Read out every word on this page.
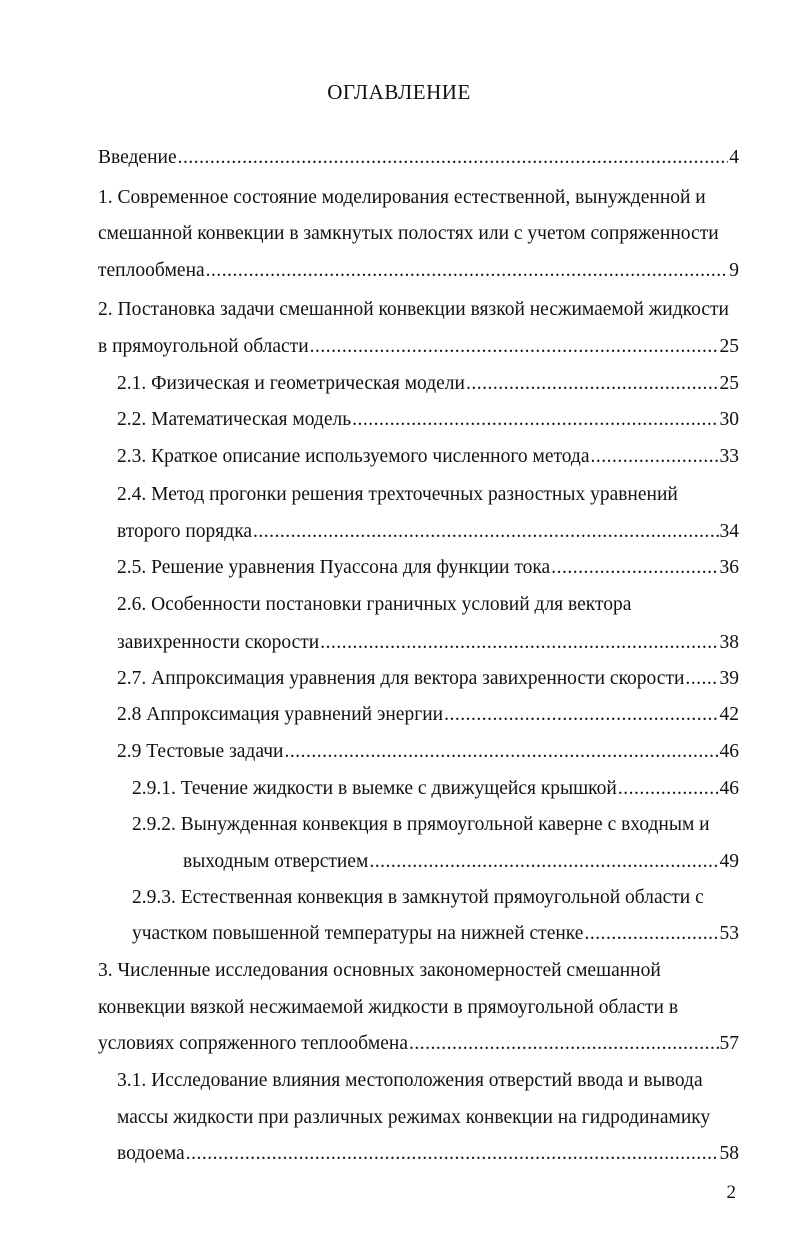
ОГЛАВЛЕНИЕ
Введение .....	4
1. Современное состояние моделирования естественной, вынужденной и
смешанной конвекции в замкнутых полостях или с учетом сопряженности
теплообмена .....	9
2. Постановка задачи смешанной конвекции вязкой несжимаемой жидкости
в прямоугольной области .....	25
2.1. Физическая и геометрическая модели .....	25
2.2. Математическая модель .....	30
2.3. Краткое описание используемого численного метода .....	33
2.4. Метод прогонки решения трехточечных разностных уравнений
второго порядка .....	34
2.5. Решение уравнения Пуассона для функции тока .....	36
2.6. Особенности постановки граничных условий для вектора
завихренности скорости .....	38
2.7. Аппроксимация уравнения для вектора завихренности скорости ..... 39
2.8 Аппроксимация уравнений энергии .....	42
2.9 Тестовые задачи .....	46
2.9.1. Течение жидкости в выемке с движущейся крышкой .....	46
2.9.2. Вынужденная конвекция в прямоугольной каверне с входным и
выходным отверстием .....	49
2.9.3. Естественная конвекция в замкнутой прямоугольной области с
участком повышенной температуры на нижней стенке .....	53
3. Численные исследования основных закономерностей смешанной
конвекции вязкой несжимаемой жидкости в прямоугольной области в
условиях сопряженного теплообмена .....	57
3.1. Исследование влияния местоположения отверстий ввода и вывода
массы жидкости при различных режимах конвекции на гидродинамику
водоема .....	58
2
